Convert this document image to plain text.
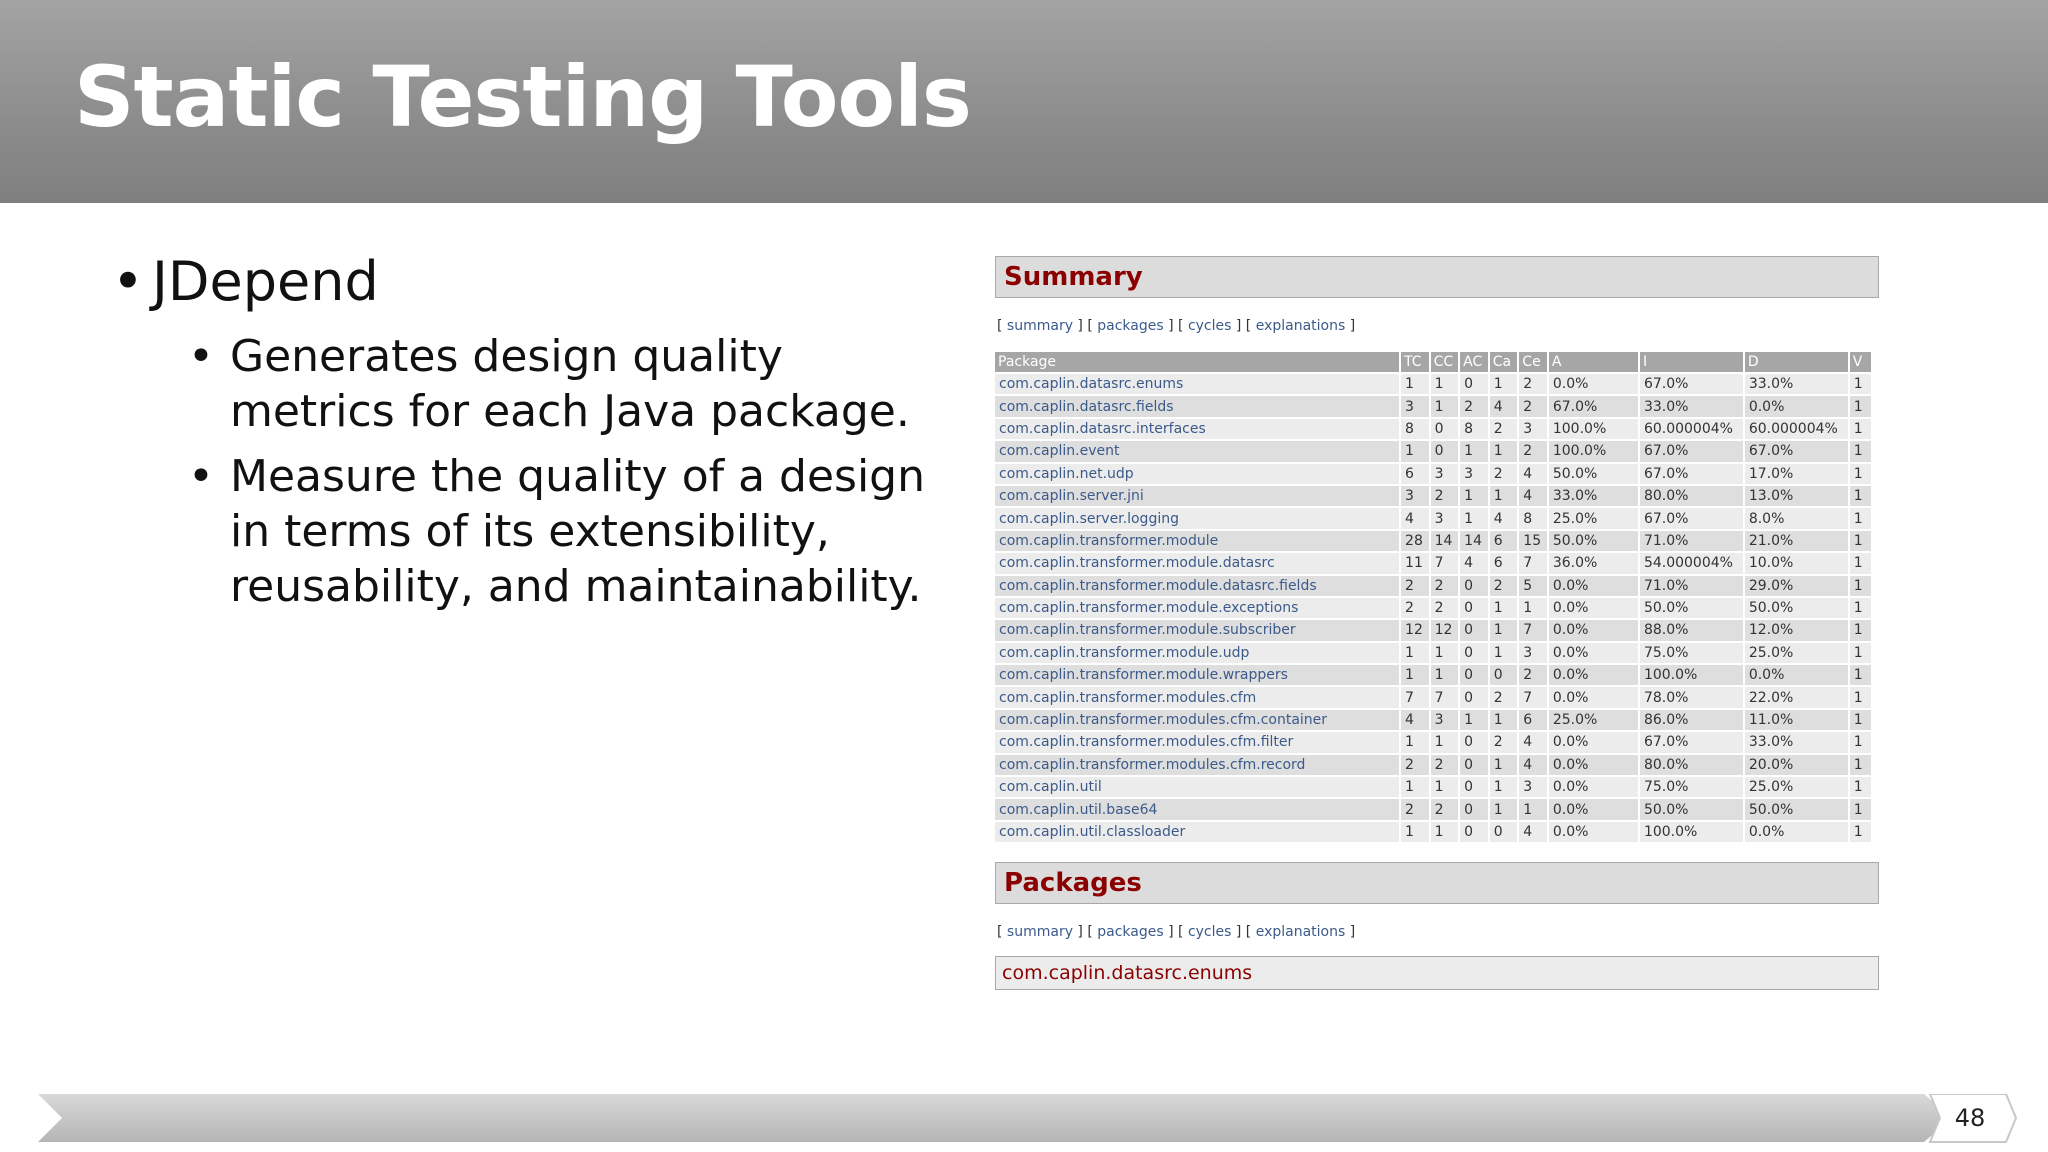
Static Testing Tools
• JDepend
• Generates design quality metrics for each Java package.
• Measure the quality of a design in terms of its extensibility, reusability, and maintainability.
Summary
[ summary ] [ packages ] [ cycles ] [ explanations ]
Package	TC	CC	AC	Ca	Ce	A	I	D	V
com.caplin.datasrc.enums	1	1	0	1	2	0.0%	67.0%	33.0%	1
com.caplin.datasrc.fields	3	1	2	4	2	67.0%	33.0%	0.0%	1
com.caplin.datasrc.interfaces	8	0	8	2	3	100.0%	60.000004%	60.000004%	1
com.caplin.event	1	0	1	1	2	100.0%	67.0%	67.0%	1
com.caplin.net.udp	6	3	3	2	4	50.0%	67.0%	17.0%	1
com.caplin.server.jni	3	2	1	1	4	33.0%	80.0%	13.0%	1
com.caplin.server.logging	4	3	1	4	8	25.0%	67.0%	8.0%	1
com.caplin.transformer.module	28	14	14	6	15	50.0%	71.0%	21.0%	1
com.caplin.transformer.module.datasrc	11	7	4	6	7	36.0%	54.000004%	10.0%	1
com.caplin.transformer.module.datasrc.fields	2	2	0	2	5	0.0%	71.0%	29.0%	1
com.caplin.transformer.module.exceptions	2	2	0	1	1	0.0%	50.0%	50.0%	1
com.caplin.transformer.module.subscriber	12	12	0	1	7	0.0%	88.0%	12.0%	1
com.caplin.transformer.module.udp	1	1	0	1	3	0.0%	75.0%	25.0%	1
com.caplin.transformer.module.wrappers	1	1	0	0	2	0.0%	100.0%	0.0%	1
com.caplin.transformer.modules.cfm	7	7	0	2	7	0.0%	78.0%	22.0%	1
com.caplin.transformer.modules.cfm.container	4	3	1	1	6	25.0%	86.0%	11.0%	1
com.caplin.transformer.modules.cfm.filter	1	1	0	2	4	0.0%	67.0%	33.0%	1
com.caplin.transformer.modules.cfm.record	2	2	0	1	4	0.0%	80.0%	20.0%	1
com.caplin.util	1	1	0	1	3	0.0%	75.0%	25.0%	1
com.caplin.util.base64	2	2	0	1	1	0.0%	50.0%	50.0%	1
com.caplin.util.classloader	1	1	0	0	4	0.0%	100.0%	0.0%	1
Packages
[ summary ] [ packages ] [ cycles ] [ explanations ]
com.caplin.datasrc.enums
48
